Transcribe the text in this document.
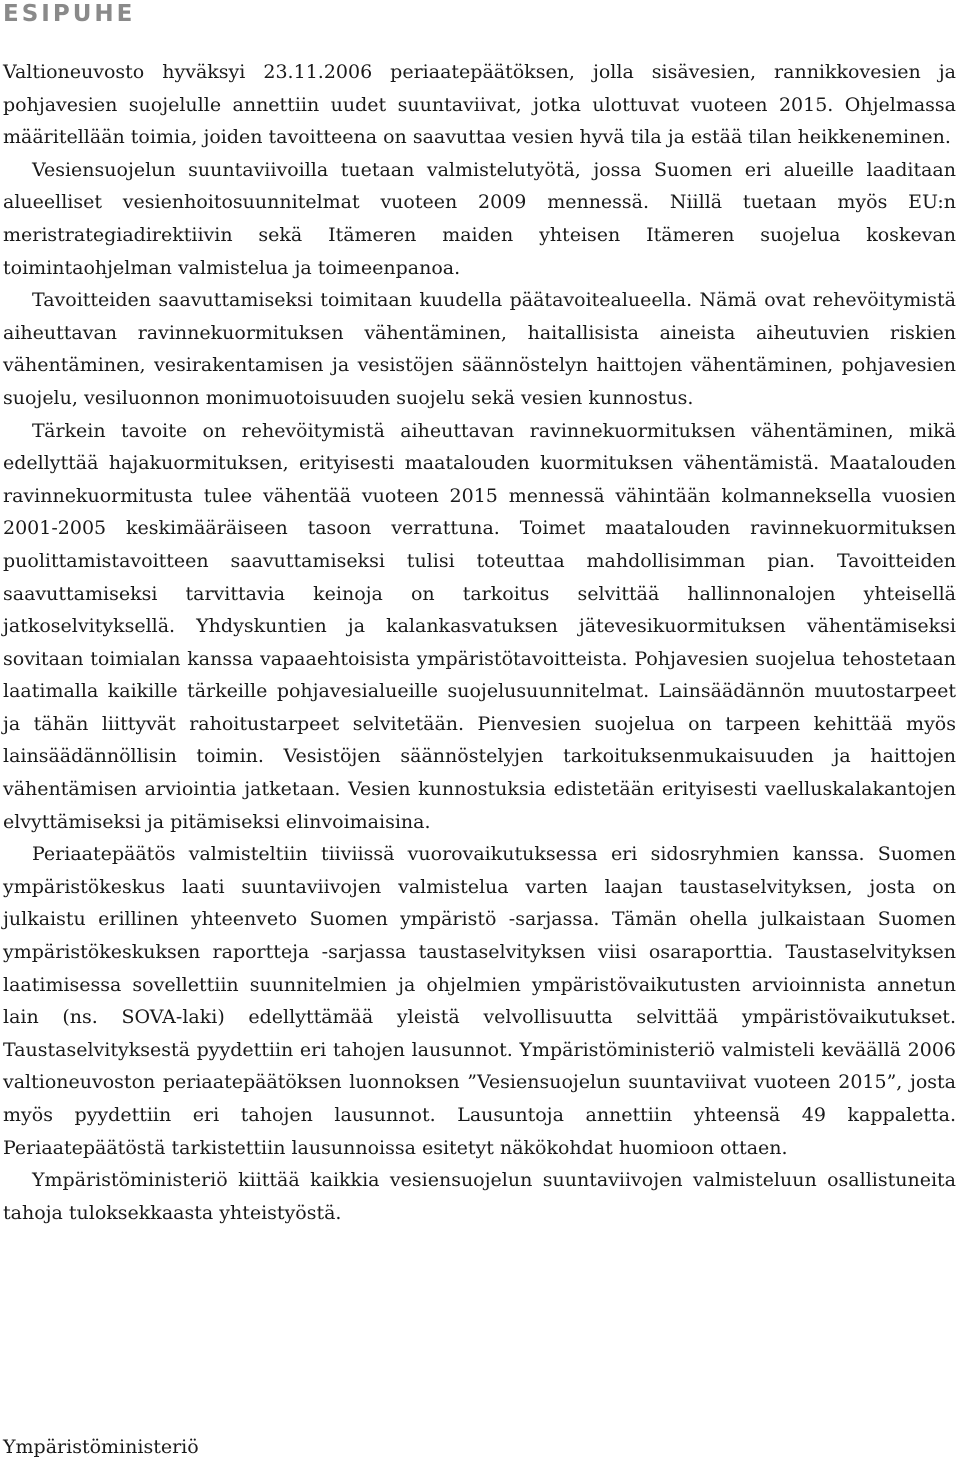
ESIPUHE

Valtioneuvosto hyväksyi 23.11.2006 periaatepäätöksen, jolla sisävesien, rannikkovesien ja pohjavesien suojelulle annettiin uudet suuntaviivat, jotka ulottuvat vuoteen 2015. Ohjelmassa määritellään toimia, joiden tavoitteena on saavuttaa vesien hyvä tila ja estää tilan heikkeneminen.

Vesiensuojelun suuntaviivoilla tuetaan valmistelutyötä, jossa Suomen eri alueille laaditaan alueelliset vesienhoitosuunnitelmat vuoteen 2009 mennessä. Niillä tuetaan myös EU:n meristrategiadirektiivin sekä Itämeren maiden yhteisen Itämeren suojelua koskevan toimintaohjelman valmistelua ja toimeenpanoa.

Tavoitteiden saavuttamiseksi toimitaan kuudella päätavoitealueella. Nämä ovat rehevöitymistä aiheuttavan ravinnekuormituksen vähentäminen, haitallisista aineista aiheutuvien riskien vähentäminen, vesirakentamisen ja vesistöjen säännöstelyn haittojen vähentäminen, pohjavesien suojelu, vesiluonnon monimuotoisuuden suojelu sekä vesien kunnostus.

Tärkein tavoite on rehevöitymistä aiheuttavan ravinnekuormituksen vähentäminen, mikä edellyttää hajakuormituksen, erityisesti maatalouden kuormituksen vähentämistä. Maatalouden ravinnekuormitusta tulee vähentää vuoteen 2015 mennessä vähintään kolmanneksella vuosien 2001-2005 keskimääräiseen tasoon verrattuna. Toimet maatalouden ravinnekuormituksen puolittamistavoitteen saavuttamiseksi tulisi toteuttaa mahdollisimman pian. Tavoitteiden saavuttamiseksi tarvittavia keinoja on tarkoitus selvittää hallinnonalojen yhteisellä jatkoselvityksellä. Yhdyskuntien ja kalankasvatuksen jätevesikuormituksen vähentämiseksi sovitaan toimialan kanssa vapaaehtoisista ympäristötavoitteista. Pohjavesien suojelua tehostetaan laatimalla kaikille tärkeille pohjavesialueille suojelusuunnitelmat. Lainsäädännön muutostarpeet ja tähän liittyvät rahoitustarpeet selvitetään. Pienvesien suojelua on tarpeen kehittää myös lainsäädännöllisin toimin. Vesistöjen säännöstelyjen tarkoituksenmukaisuuden ja haittojen vähentämisen arviointia jatketaan. Vesien kunnostuksia edistetään erityisesti vaelluskalakantojen elvyttämiseksi ja pitämiseksi elinvoimaisina.

Periaatepäätös valmisteltiin tiiviissä vuorovaikutuksessa eri sidosryhmien kanssa. Suomen ympäristökeskus laati suuntaviivojen valmistelua varten laajan taustaselvityksen, josta on julkaistu erillinen yhteenveto Suomen ympäristö -sarjassa. Tämän ohella julkaistaan Suomen ympäristökeskuksen raportteja -sarjassa taustaselvityksen viisi osaraporttia. Taustaselvityksen laatimisessa sovellettiin suunnitelmien ja ohjelmien ympäristövaikutusten arvioinnista annetun lain (ns. SOVA-laki) edellyttämää yleistä velvollisuutta selvittää ympäristövaikutukset. Taustaselvityksestä pyydettiin eri tahojen lausunnot. Ympäristöministeriö valmisteli keväällä 2006 valtioneuvoston periaatepäätöksen luonnoksen ”Vesiensuojelun suuntaviivat vuoteen 2015”, josta myös pyydettiin eri tahojen lausunnot. Lausuntoja annettiin yhteensä 49 kappaletta. Periaatepäätöstä tarkistettiin lausunnoissa esitetyt näkökohdat huomioon ottaen.

Ympäristöministeriö kiittää kaikkia vesiensuojelun suuntaviivojen valmisteluun osallistuneita tahoja tuloksekkaasta yhteistyöstä.

Ympäristöministeriö
